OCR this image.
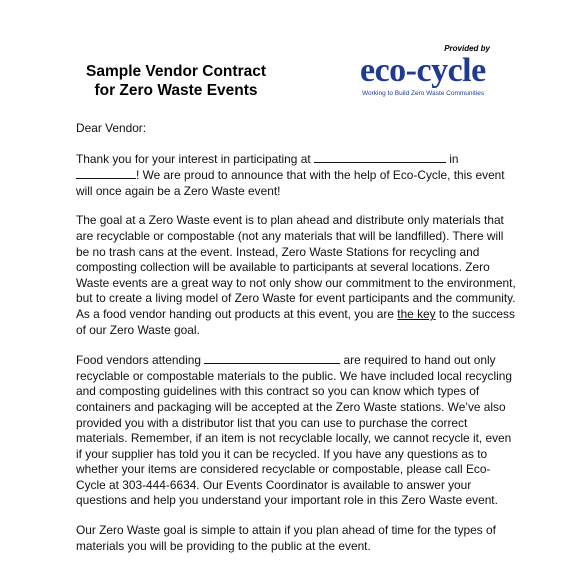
Sample Vendor Contract
for Zero Waste Events
Provided by
eco-cycle
Working to Build Zero Waste Communities

Dear Vendor:

Thank you for your interest in participating at	in ! We are proud to announce that with the help of Eco-Cycle, this event will once again be a Zero Waste event!

The goal at a Zero Waste event is to plan ahead and distribute only materials that are recyclable or compostable (not any materials that will be landfilled). There will be no trash cans at the event. Instead, Zero Waste Stations for recycling and composting collection will be available to participants at several locations. Zero Waste events are a great way to not only show our commitment to the environment, but to create a living model of Zero Waste for event participants and the community. As a food vendor handing out products at this event, you are the key to the success of our Zero Waste goal.

Food vendors attending	are required to hand out only recyclable or compostable materials to the public. We have included local recycling and composting guidelines with this contract so you can know which types of containers and packaging will be accepted at the Zero Waste stations. We’ve also provided you with a distributor list that you can use to purchase the correct materials. Remember, if an item is not recyclable locally, we cannot recycle it, even if your supplier has told you it can be recycled. If you have any questions as to whether your items are considered recyclable or compostable, please call Eco-Cycle at 303-444-6634. Our Events Coordinator is available to answer your questions and help you understand your important role in this Zero Waste event.

Our Zero Waste goal is simple to attain if you plan ahead of time for the types of materials you will be providing to the public at the event.
